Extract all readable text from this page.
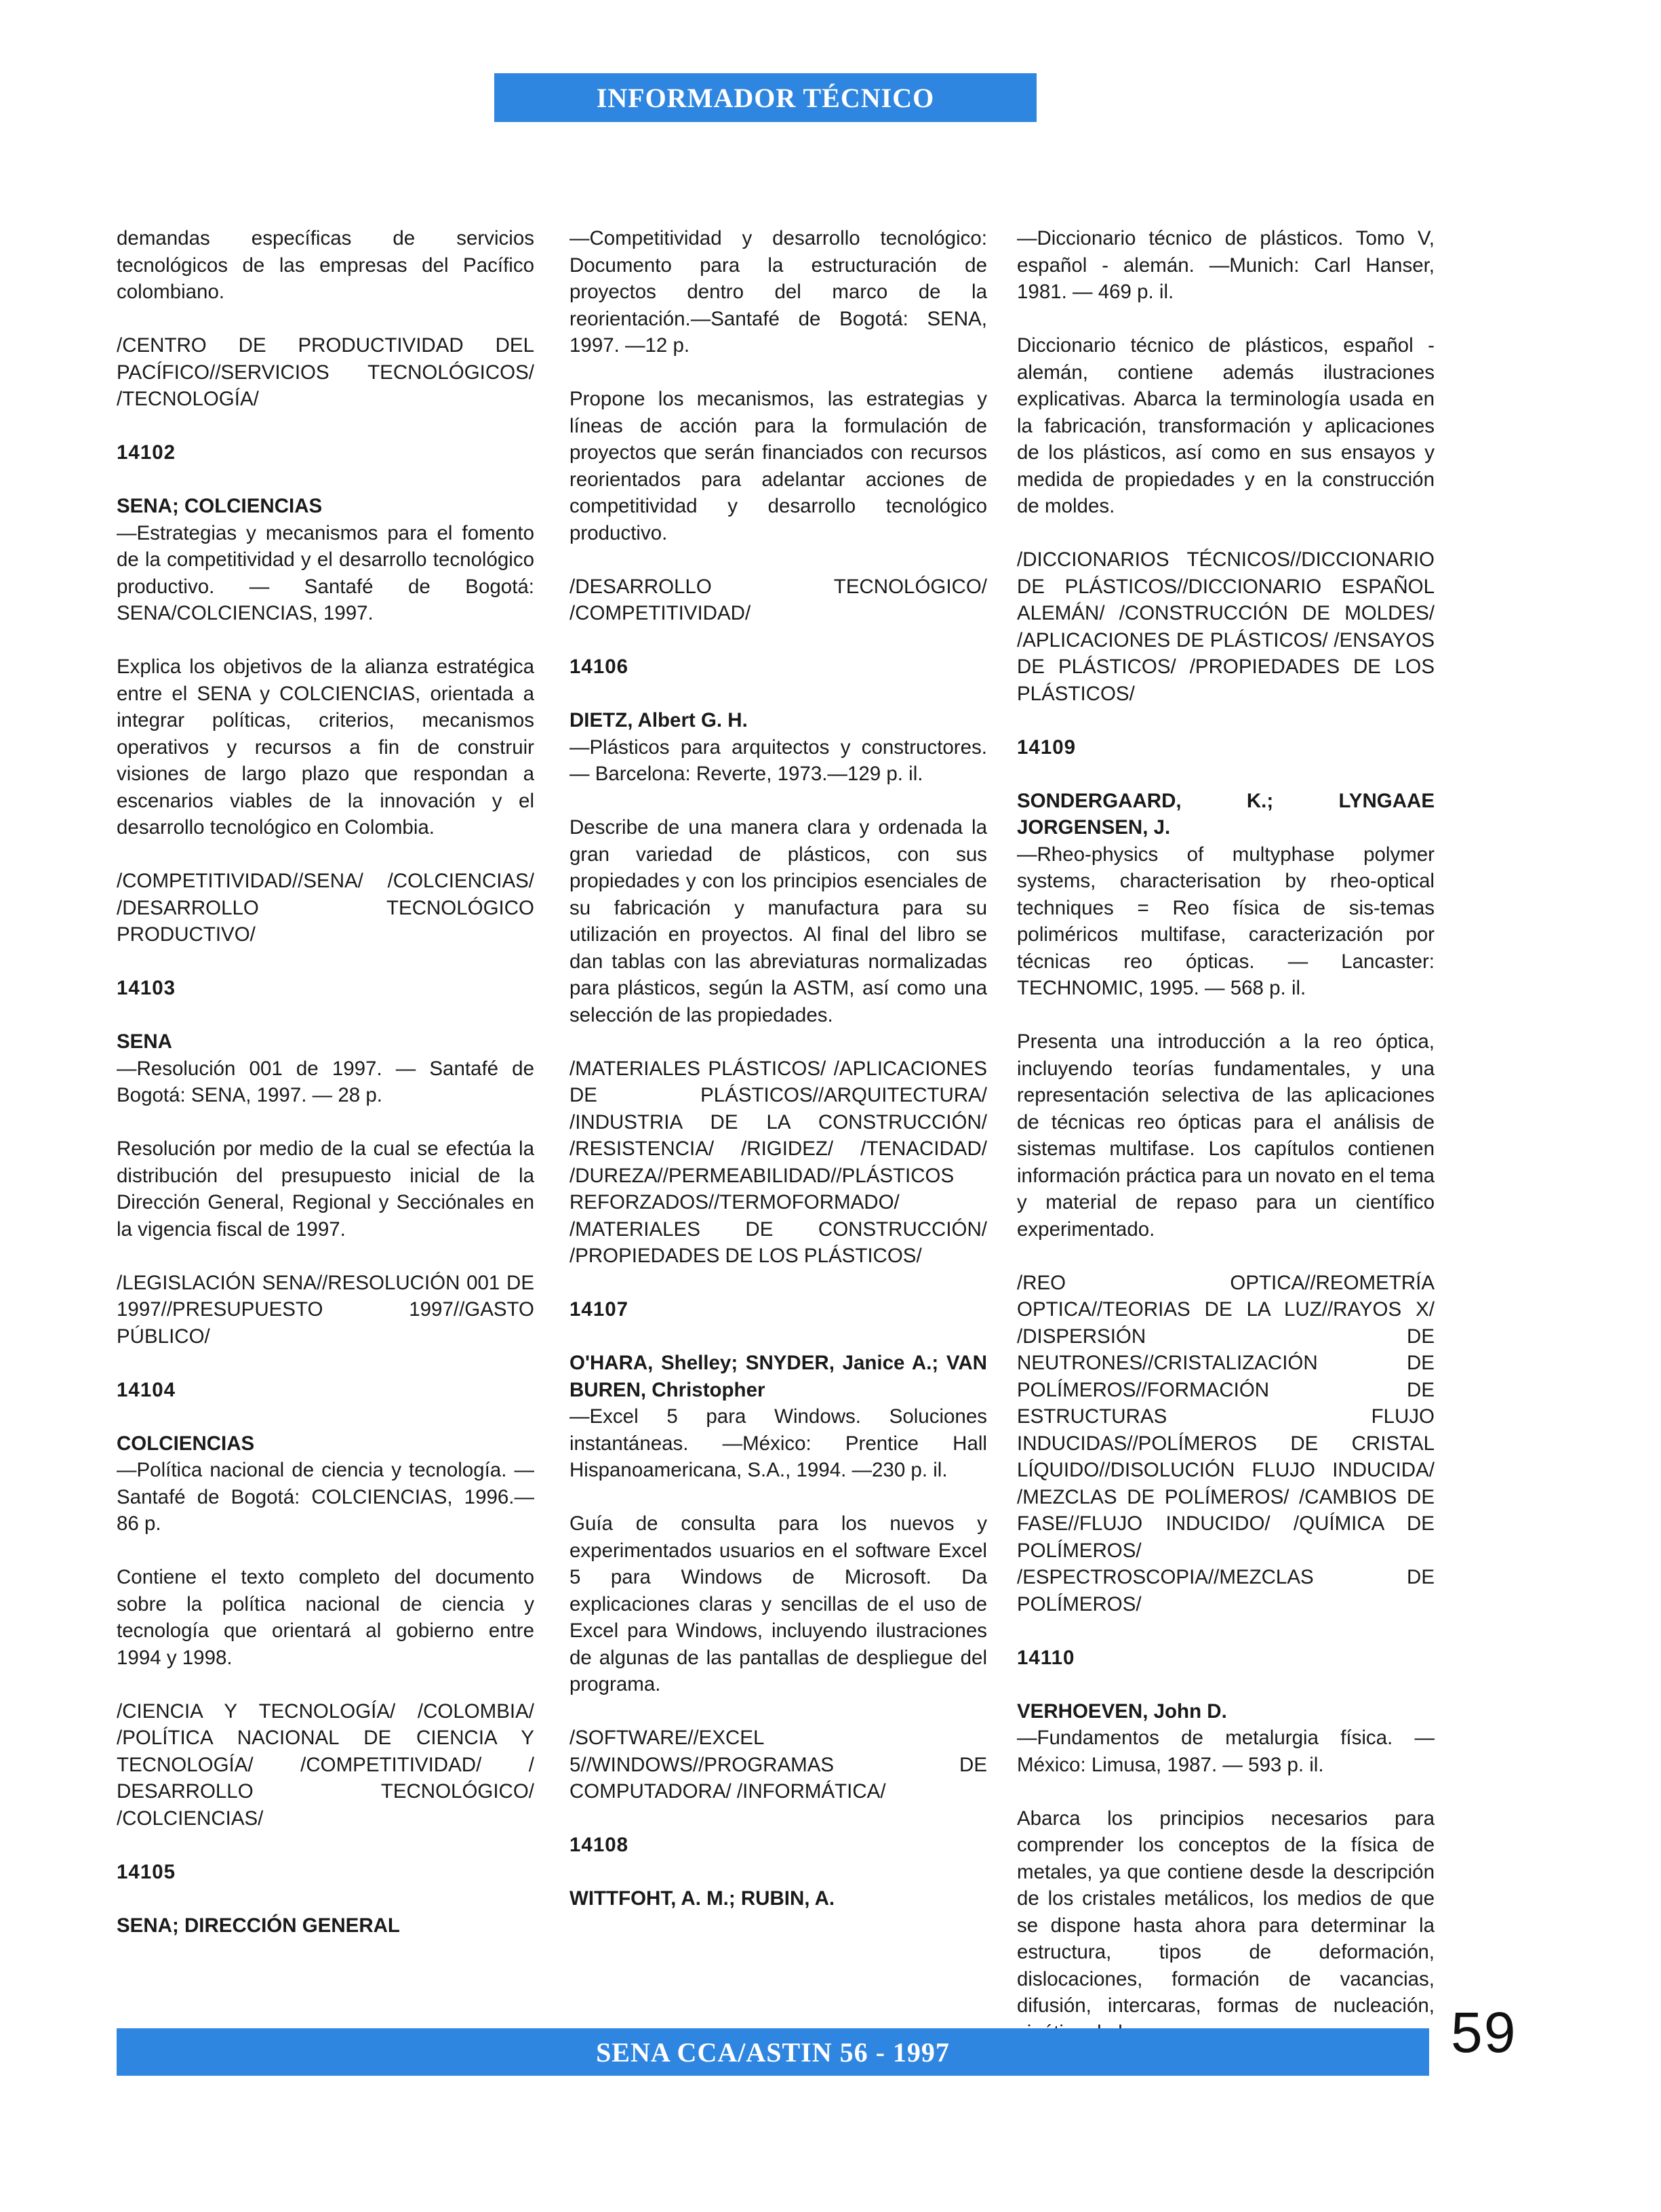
INFORMADOR TÉCNICO

demandas específicas de servicios tecnológicos de las empresas del Pacífico colombiano.

/CENTRO DE PRODUCTIVIDAD DEL PACÍFICO//SERVICIOS TECNOLÓGICOS/ /TECNOLOGÍA/

14102

SENA; COLCIENCIAS

—Estrategias y mecanismos para el fomento de la competitividad y el desarrollo tecnológico productivo. — Santafé de Bogotá: SENA/COLCIENCIAS, 1997.

Explica los objetivos de la alianza estratégica entre el SENA y COLCIENCIAS, orientada a integrar políticas, criterios, mecanismos operativos y recursos a fin de construir visiones de largo plazo que respondan a escenarios viables de la innovación y el desarrollo tecnológico en Colombia.

/COMPETITIVIDAD//SENA/ /COLCIENCIAS/ /DESARROLLO TECNOLÓGICO PRODUCTIVO/

14103

SENA

—Resolución 001 de 1997. — Santafé de Bogotá: SENA, 1997. — 28 p.

Resolución por medio de la cual se efectúa la distribución del presupuesto inicial de la Dirección General, Regional y Secciónales en la vigencia fiscal de 1997.

/LEGISLACIÓN SENA//RESOLUCIÓN 001 DE 1997//PRESUPUESTO 1997//GASTO PÚBLICO/

14104

COLCIENCIAS

—Política nacional de ciencia y tecnología. — Santafé de Bogotá: COLCIENCIAS, 1996.— 86 p.

Contiene el texto completo del documento sobre la política nacional de ciencia y tecnología que orientará al gobierno entre 1994 y 1998.

/CIENCIA Y TECNOLOGÍA/ /COLOMBIA/ /POLÍTICA NACIONAL DE CIENCIA Y TECNOLOGÍA/ /COMPETITIVIDAD/ / DESARROLLO TECNOLÓGICO/ /COLCIENCIAS/

14105

SENA; DIRECCIÓN GENERAL

—Competitividad y desarrollo tecnológico: Documento para la estructuración de proyectos dentro del marco de la reorientación.—Santafé de Bogotá: SENA, 1997. —12 p.

Propone los mecanismos, las estrategias y líneas de acción para la formulación de proyectos que serán financiados con recursos reorientados para adelantar acciones de competitividad y desarrollo tecnológico productivo.

/DESARROLLO TECNOLÓGICO/ /COMPETITIVIDAD/

14106

DIETZ, Albert G. H.

—Plásticos para arquitectos y constructores. — Barcelona: Reverte, 1973.—129 p. il.

Describe de una manera clara y ordenada la gran variedad de plásticos, con sus propiedades y con los principios esenciales de su fabricación y manufactura para su utilización en proyectos. Al final del libro se dan tablas con las abreviaturas normalizadas para plásticos, según la ASTM, así como una selección de las propiedades.

/MATERIALES PLÁSTICOS/ /APLICACIONES DE PLÁSTICOS//ARQUITECTURA/ /INDUSTRIA DE LA CONSTRUCCIÓN/ /RESISTENCIA/ /RIGIDEZ/ /TENACIDAD/ /DUREZA//PERMEABILIDAD//PLÁSTICOS REFORZADOS//TERMOFORMADO/ /MATERIALES DE CONSTRUCCIÓN/ /PROPIEDADES DE LOS PLÁSTICOS/

14107

O'HARA, Shelley; SNYDER, Janice A.; VAN BUREN, Christopher

—Excel 5 para Windows. Soluciones instantáneas. —México: Prentice Hall Hispanoamericana, S.A., 1994. —230 p. il.

Guía de consulta para los nuevos y experimentados usuarios en el software Excel 5 para Windows de Microsoft. Da explicaciones claras y sencillas de el uso de Excel para Windows, incluyendo ilustraciones de algunas de las pantallas de despliegue del programa.

/SOFTWARE//EXCEL 5//WINDOWS//PROGRAMAS DE COMPUTADORA/ /INFORMÁTICA/

14108

WITTFOHT, A. M.; RUBIN, A.

—Diccionario técnico de plásticos. Tomo V, español - alemán. —Munich: Carl Hanser, 1981. — 469 p. il.

Diccionario técnico de plásticos, español - alemán, contiene además ilustraciones explicativas. Abarca la terminología usada en la fabricación, transformación y aplicaciones de los plásticos, así como en sus ensayos y medida de propiedades y en la construcción de moldes.

/DICCIONARIOS TÉCNICOS//DICCIONARIO DE PLÁSTICOS//DICCIONARIO ESPAÑOL ALEMÁN/ /CONSTRUCCIÓN DE MOLDES/ /APLICACIONES DE PLÁSTICOS/ /ENSAYOS DE PLÁSTICOS/ /PROPIEDADES DE LOS PLÁSTICOS/

14109

SONDERGAARD, K.; LYNGAAE JORGENSEN, J.

—Rheo-physics of multyphase polymer systems, characterisation by rheo-optical techniques = Reo física de sis-temas poliméricos multifase, caracterización por técnicas reo ópticas. — Lancaster: TECHNOMIC, 1995. — 568 p. il.

Presenta una introducción a la reo óptica, incluyendo teorías fundamentales, y una representación selectiva de las aplicaciones de técnicas reo ópticas para el análisis de sistemas multifase. Los capítulos contienen información práctica para un novato en el tema y material de repaso para un científico experimentado.

/REO OPTICA//REOMETRÍA OPTICA//TEORIAS DE LA LUZ//RAYOS X/ /DISPERSIÓN DE NEUTRONES//CRISTALIZACIÓN DE POLÍMEROS//FORMACIÓN DE ESTRUCTURAS FLUJO INDUCIDAS//POLÍMEROS DE CRISTAL LÍQUIDO//DISOLUCIÓN FLUJO INDUCIDA/ /MEZCLAS DE POLÍMEROS/ /CAMBIOS DE FASE//FLUJO INDUCIDO/ /QUÍMICA DE POLÍMEROS/ /ESPECTROSCOPIA//MEZCLAS DE POLÍMEROS/

14110

VERHOEVEN, John D.

—Fundamentos de metalurgia física. — México: Limusa, 1987. — 593 p. il.

Abarca los principios necesarios para comprender los conceptos de la física de metales, ya que contiene desde la descripción de los cristales metálicos, los medios de que se dispone hasta ahora para determinar la estructura, tipos de deformación, dislocaciones, formación de vacancias, difusión, intercaras, formas de nucleación,

SENA CCA/ASTIN 56 - 1997	59
